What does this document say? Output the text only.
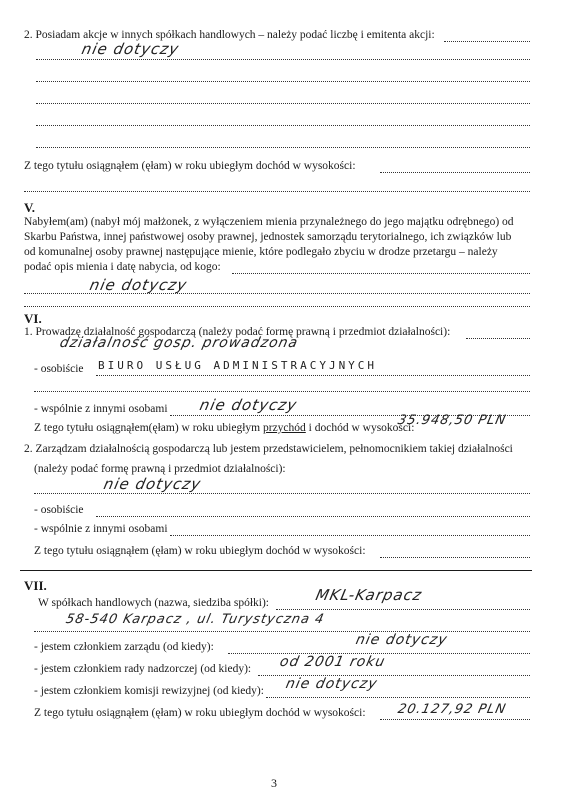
2. Posiadam akcje w innych spółkach handlowych – należy podać liczbę i emitenta akcji:
nie dotyczy
Z tego tytułu osiągnąłem (ęłam) w roku ubiegłym dochód w wysokości:
V.
Nabyłem(am) (nabył mój małżonek, z wyłączeniem mienia przynależnego do jego majątku odrębnego) od
Skarbu Państwa, innej państwowej osoby prawnej, jednostek samorządu terytorialnego, ich związków lub
od komunalnej osoby prawnej następujące mienie, które podlegało zbyciu w drodze przetargu – należy
podać opis mienia i datę nabycia, od kogo:
nie dotyczy
VI.
1. Prowadzę działalność gospodarczą (należy podać formę prawną i przedmiot działalności):
działalność gosp. prowadzona
- osobiście BIURO USŁUG ADMINISTRACYJNYCH
- wspólnie z innymi osobami nie dotyczy
Z tego tytułu osiągnąłem(ęłam) w roku ubiegłym przychód i dochód w wysokości:
35.948,50 PLN
2. Zarządzam działalnością gospodarczą lub jestem przedstawicielem, pełnomocnikiem takiej działalności
(należy podać formę prawną i przedmiot działalności):
nie dotyczy
- osobiście
- wspólnie z innymi osobami
Z tego tytułu osiągnąłem (ęłam) w roku ubiegłym dochód w wysokości:
VII.
W spółkach handlowych (nazwa, siedziba spółki):	MKL-Karpacz
58-540 Karpacz , ul. Turystyczna 4
- jestem członkiem zarządu (od kiedy):	nie dotyczy
- jestem członkiem rady nadzorczej (od kiedy): od 2001 roku
- jestem członkiem komisji rewizyjnej (od kiedy): nie dotyczy
Z tego tytułu osiągnąłem (ęłam) w roku ubiegłym dochód w wysokości: 20.127,92 PLN
3
